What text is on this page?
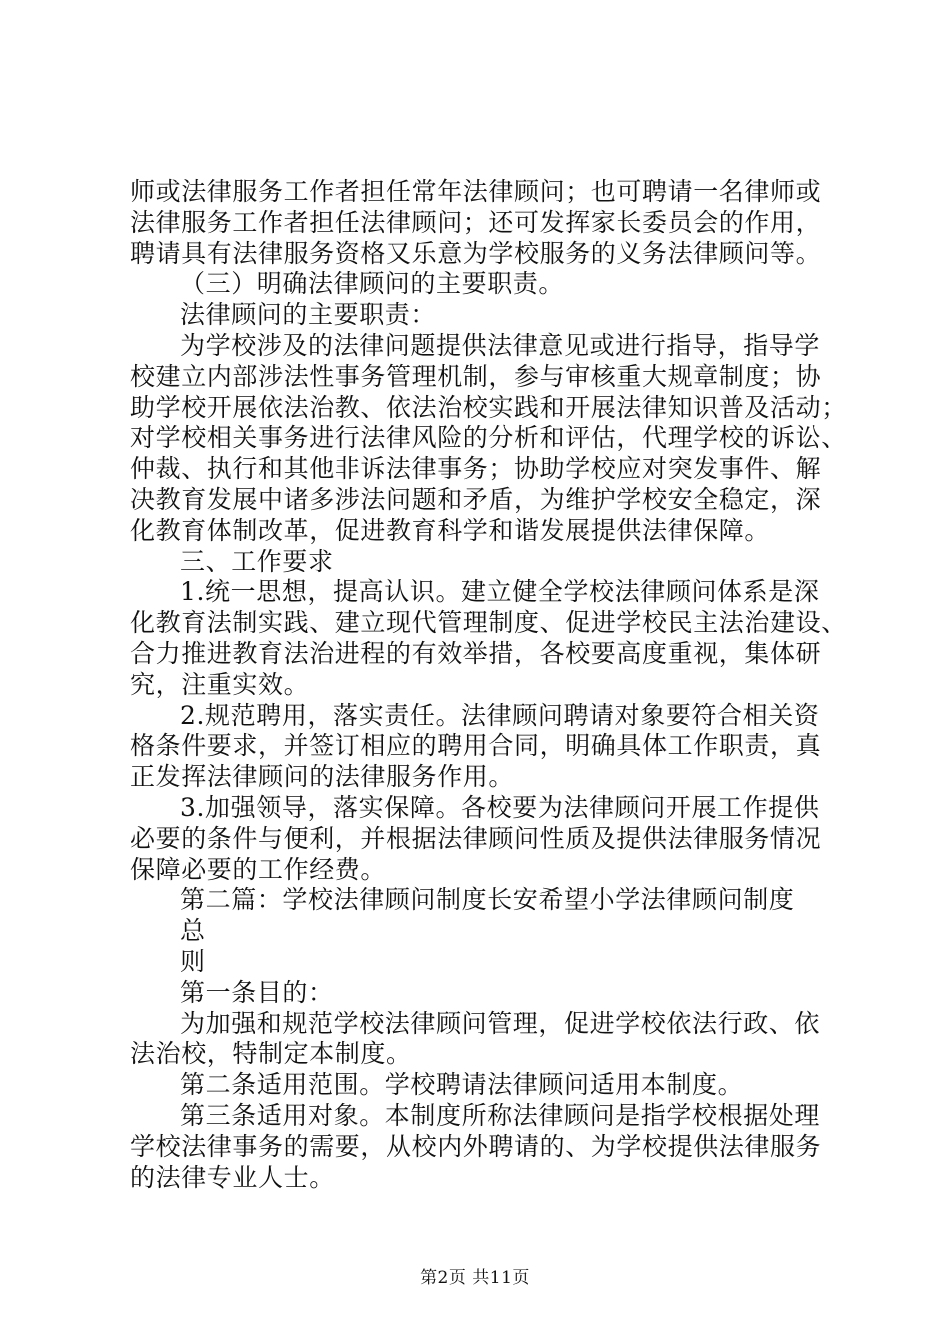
师或法律服务工作者担任常年法律顾问；也可聘请一名律师或
法律服务工作者担任法律顾问；还可发挥家长委员会的作用，
聘请具有法律服务资格又乐意为学校服务的义务法律顾问等。
（三）明确法律顾问的主要职责。
法律顾问的主要职责：
为学校涉及的法律问题提供法律意见或进行指导，指导学
校建立内部涉法性事务管理机制，参与审核重大规章制度；协
助学校开展依法治教、依法治校实践和开展法律知识普及活动；
对学校相关事务进行法律风险的分析和评估，代理学校的诉讼、
仲裁、执行和其他非诉法律事务；协助学校应对突发事件、解
决教育发展中诸多涉法问题和矛盾，为维护学校安全稳定，深
化教育体制改革，促进教育科学和谐发展提供法律保障。
三、工作要求
1.统一思想，提高认识。建立健全学校法律顾问体系是深
化教育法制实践、建立现代管理制度、促进学校民主法治建设、
合力推进教育法治进程的有效举措，各校要高度重视，集体研
究，注重实效。
2.规范聘用，落实责任。法律顾问聘请对象要符合相关资
格条件要求，并签订相应的聘用合同，明确具体工作职责，真
正发挥法律顾问的法律服务作用。
3.加强领导，落实保障。各校要为法律顾问开展工作提供
必要的条件与便利，并根据法律顾问性质及提供法律服务情况
保障必要的工作经费。
第二篇：学校法律顾问制度长安希望小学法律顾问制度
总
则
第一条目的：
为加强和规范学校法律顾问管理，促进学校依法行政、依
法治校，特制定本制度。
第二条适用范围。学校聘请法律顾问适用本制度。
第三条适用对象。本制度所称法律顾问是指学校根据处理
学校法律事务的需要，从校内外聘请的、为学校提供法律服务
的法律专业人士。
第2页 共11页
